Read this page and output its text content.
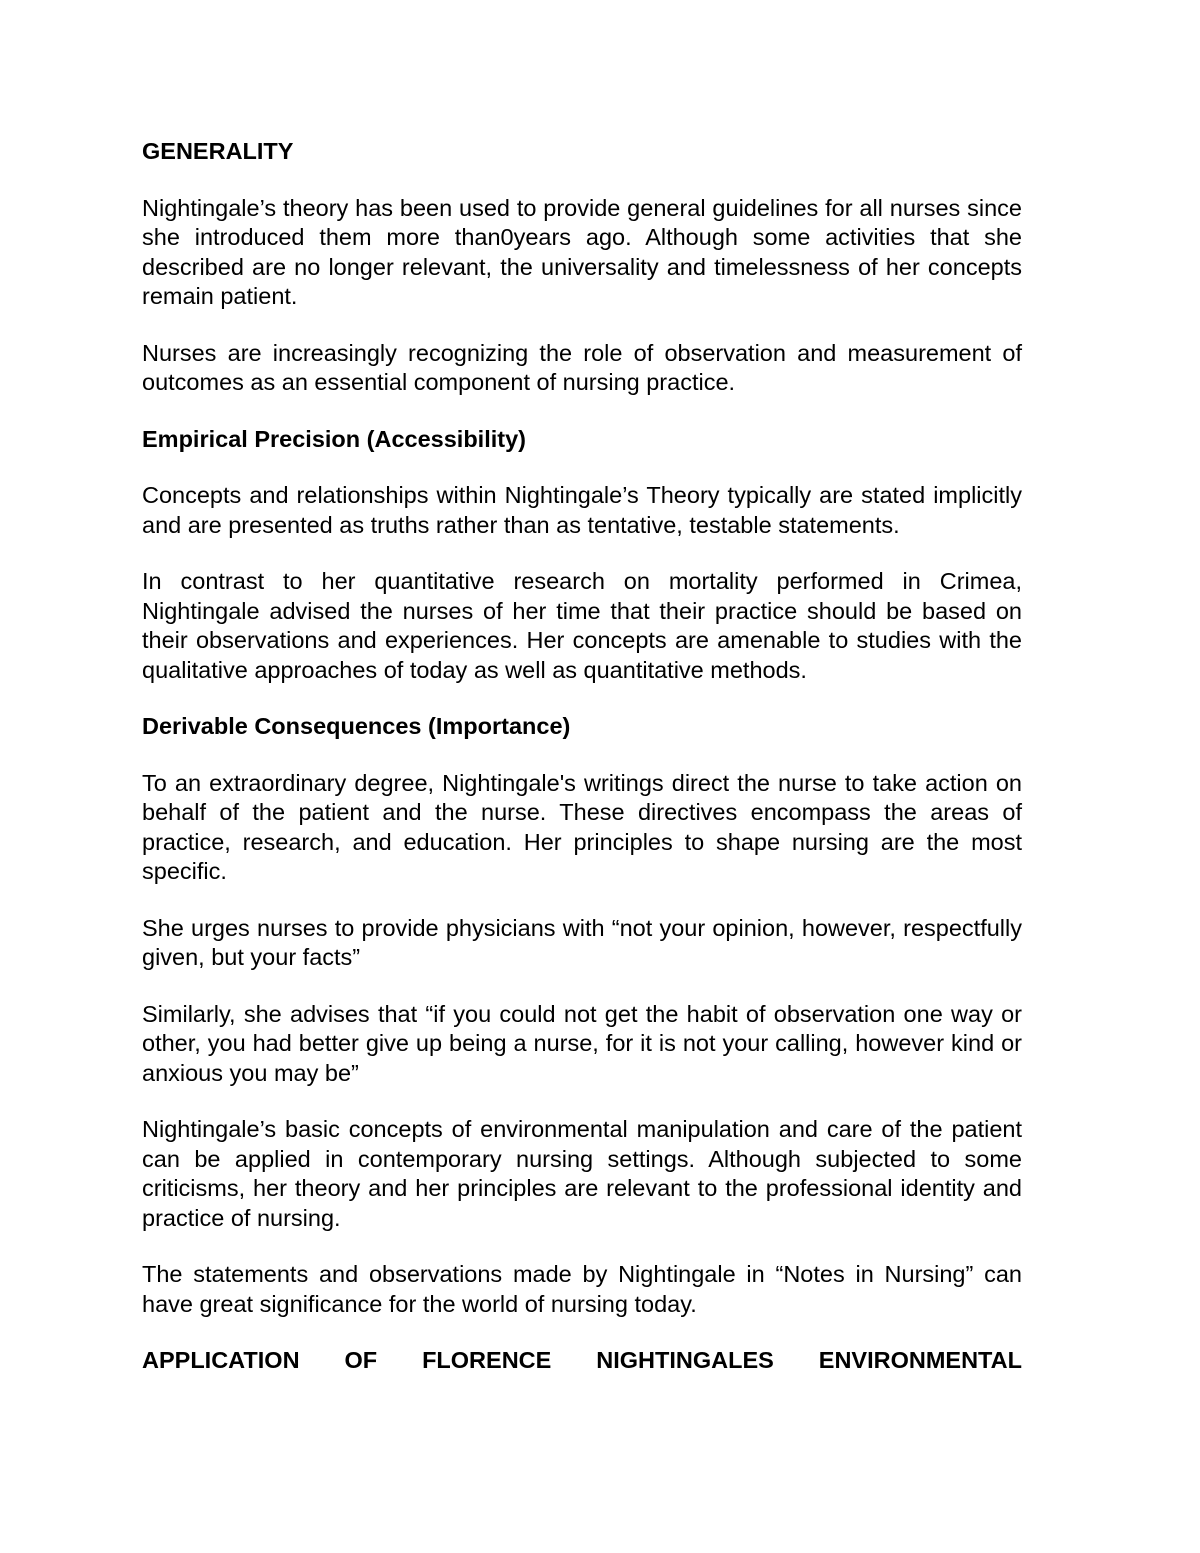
GENERALITY

Nightingale’s theory has been used to provide general guidelines for all nurses since she introduced them more than0years ago. Although some activities that she described are no longer relevant, the universality and timelessness of her concepts remain patient.

Nurses are increasingly recognizing the role of observation and measurement of outcomes as an essential component of nursing practice.

Empirical Precision (Accessibility)

Concepts and relationships within Nightingale’s Theory typically are stated implicitly and are presented as truths rather than as tentative, testable statements.

In contrast to her quantitative research on mortality performed in Crimea, Nightingale advised the nurses of her time that their practice should be based on their observations and experiences. Her concepts are amenable to studies with the qualitative approaches of today as well as quantitative methods.

Derivable Consequences (Importance)

To an extraordinary degree, Nightingale's writings direct the nurse to take action on behalf of the patient and the nurse. These directives encompass the areas of practice, research, and education. Her principles to shape nursing are the most specific.

She urges nurses to provide physicians with “not your opinion, however, respectfully given, but your facts”

Similarly, she advises that “if you could not get the habit of observation one way or other, you had better give up being a nurse, for it is not your calling, however kind or anxious you may be”

Nightingale’s basic concepts of environmental manipulation and care of the patient can be applied in contemporary nursing settings. Although subjected to some criticisms, her theory and her principles are relevant to the professional identity and practice of nursing.

The statements and observations made by Nightingale in “Notes in Nursing” can have great significance for the world of nursing today.

APPLICATION OF FLORENCE NIGHTINGALES ENVIRONMENTAL
